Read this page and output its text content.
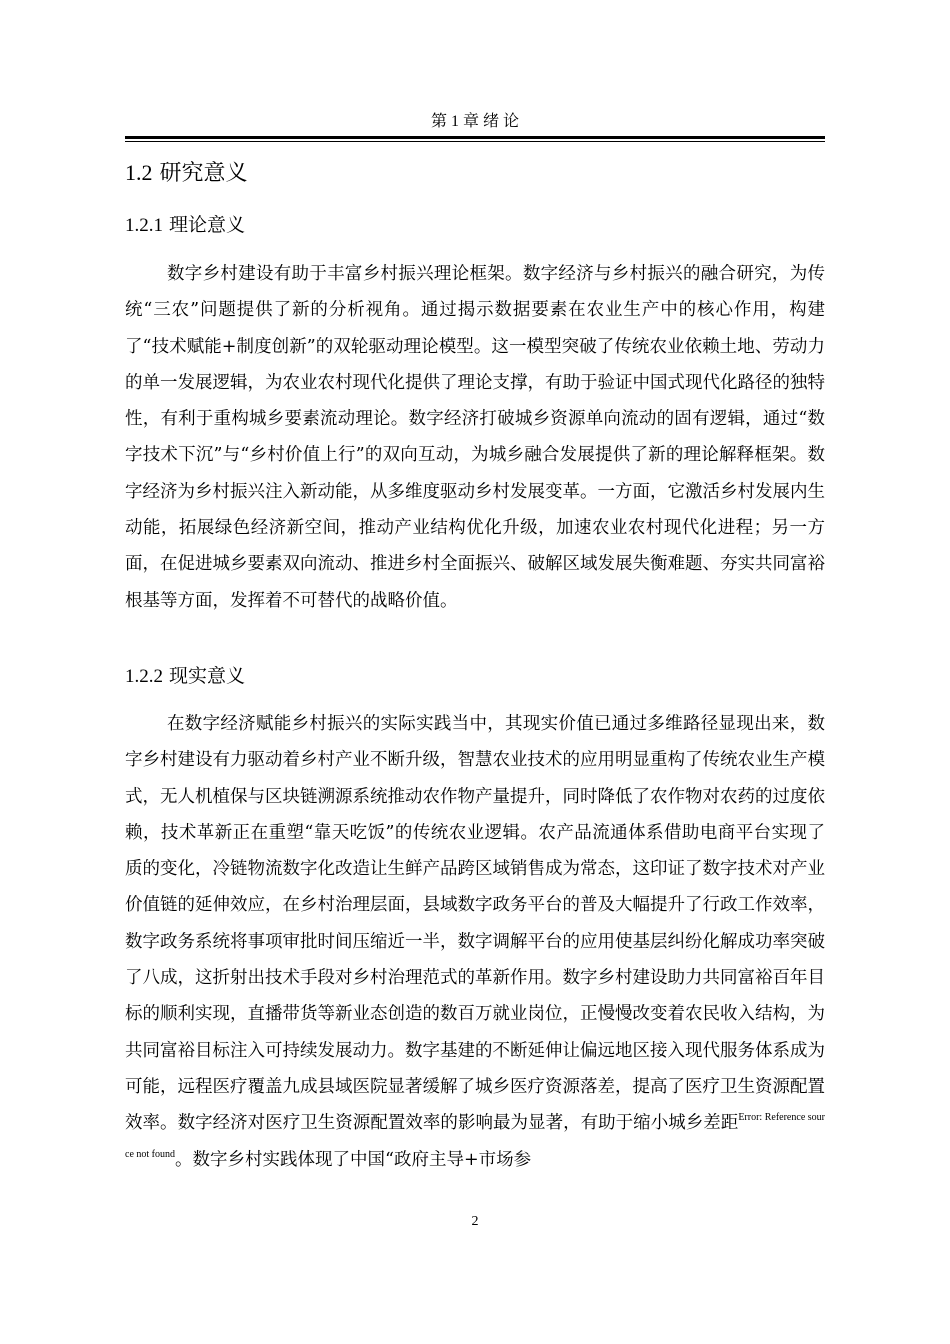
第 1 章 绪 论
1.2 研究意义
1.2.1 理论意义

数字乡村建设有助于丰富乡村振兴理论框架。数字经济与乡村振兴的融合研究，为传统“三农”问题提供了新的分析视角。通过揭示数据要素在农业生产中的核心作用，构建了“技术赋能+制度创新”的双轮驱动理论模型。这一模型突破了传统农业依赖土地、劳动力的单一发展逻辑，为农业农村现代化提供了理论支撑，有助于验证中国式现代化路径的独特性，有利于重构城乡要素流动理论。数字经济打破城乡资源单向流动的固有逻辑，通过“数字技术下沉”与“乡村价值上行”的双向互动，为城乡融合发展提供了新的理论解释框架。数字经济为乡村振兴注入新动能，从多维度驱动乡村发展变革。一方面，它激活乡村发展内生动能，拓展绿色经济新空间，推动产业结构优化升级，加速农业农村现代化进程；另一方面，在促进城乡要素双向流动、推进乡村全面振兴、破解区域发展失衡难题、夯实共同富裕根基等方面，发挥着不可替代的战略价值。

1.2.2 现实意义

在数字经济赋能乡村振兴的实际实践当中，其现实价值已通过多维路径显现出来，数字乡村建设有力驱动着乡村产业不断升级，智慧农业技术的应用明显重构了传统农业生产模式，无人机植保与区块链溯源系统推动农作物产量提升，同时降低了农作物对农药的过度依赖，技术革新正在重塑“靠天吃饭”的传统农业逻辑。农产品流通体系借助电商平台实现了质的变化，冷链物流数字化改造让生鲜产品跨区域销售成为常态，这印证了数字技术对产业价值链的延伸效应，在乡村治理层面，县域数字政务平台的普及大幅提升了行政工作效率，数字政务系统将事项审批时间压缩近一半，数字调解平台的应用使基层纠纷化解成功率突破了八成，这折射出技术手段对乡村治理范式的革新作用。数字乡村建设助力共同富裕百年目标的顺利实现，直播带货等新业态创造的数百万就业岗位，正慢慢改变着农民收入结构，为共同富裕目标注入可持续发展动力。数字基建的不断延伸让偏远地区接入现代服务体系成为可能，远程医疗覆盖九成县域医院显著缓解了城乡医疗资源落差，提高了医疗卫生资源配置效率。数字经济对医疗卫生资源配置效率的影响最为显著，有助于缩小城乡差距$^{Error: Reference source not found}$。数字乡村实践体现了中国“政府主导+市场参

2
